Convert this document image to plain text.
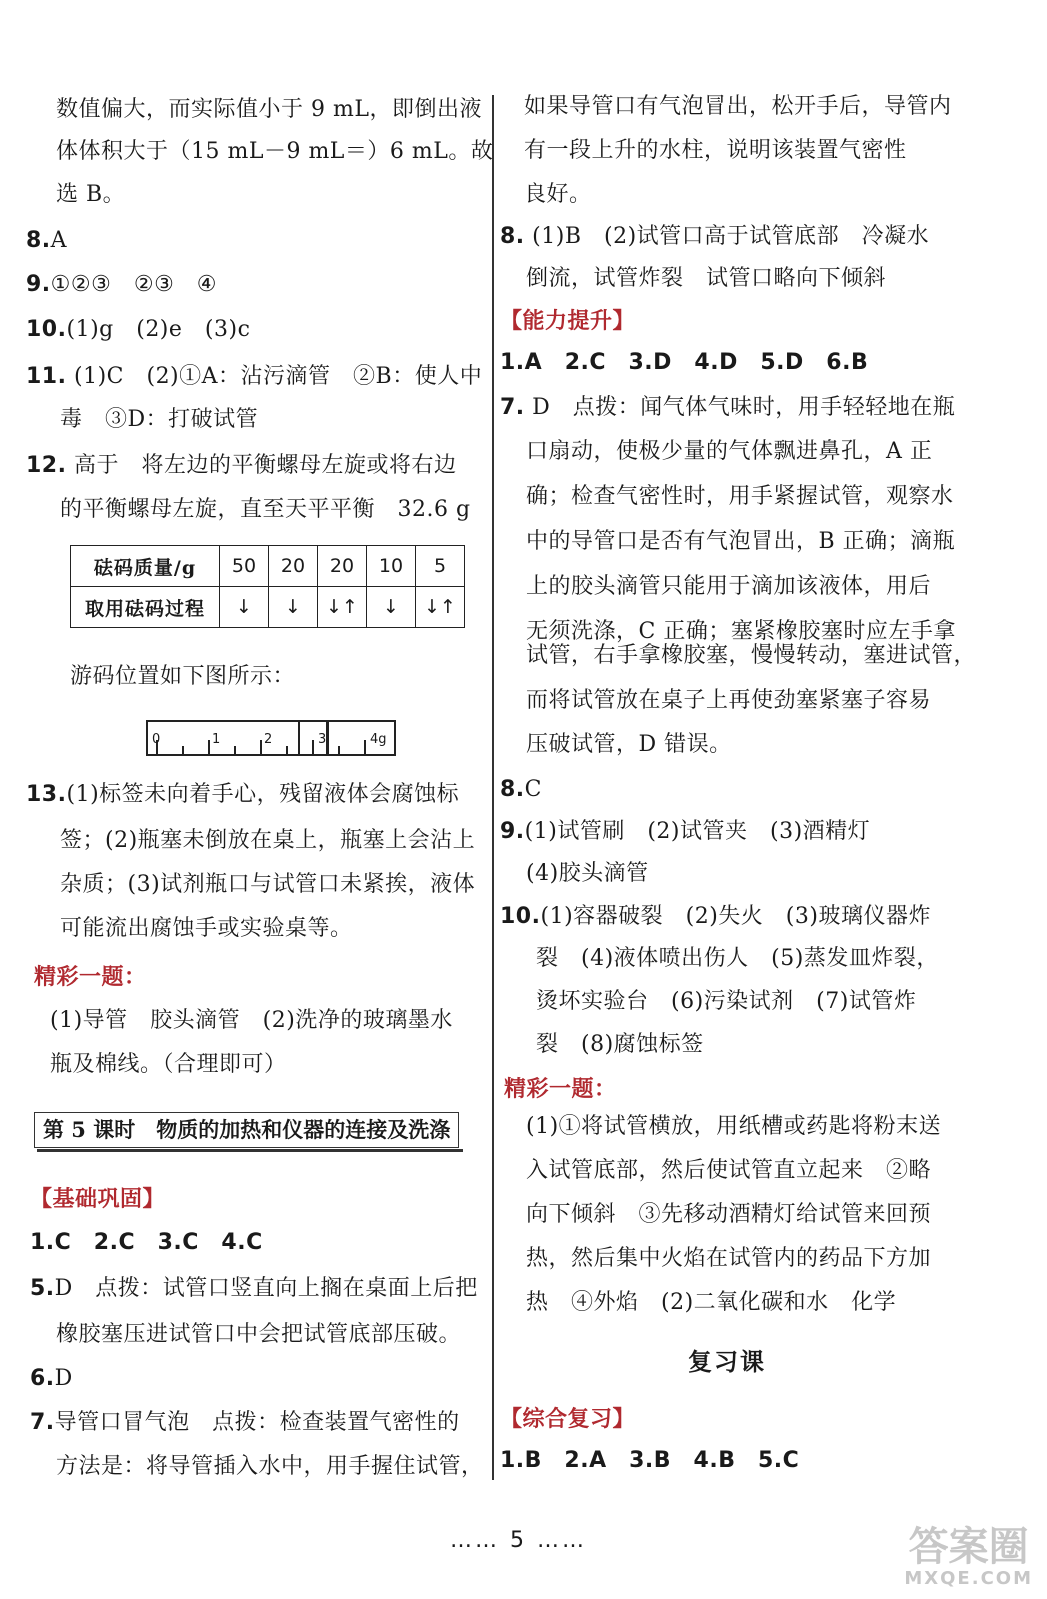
数值偏大，而实际值小于 9 mL，即倒出液
体体积大于（15 mL－9 mL＝）6 mL。故
选 B。
8.A
9.①②③　②③　④
10.(1)g　(2)e　(3)c
11. (1)C　(2)①A：沾污滴管　②B：使人中
毒　③D：打破试管
12. 高于　将左边的平衡螺母左旋或将右边
的平衡螺母左旋，直至天平平衡　32.6 g
砝码质量/g	50	20	20	10	5
取用砝码过程	↓	↓	↓↑	↓	↓↑
游码位置如下图所示：
0	1	2	3	4g
13.(1)标签未向着手心，残留液体会腐蚀标
签；(2)瓶塞未倒放在桌上，瓶塞上会沾上
杂质；(3)试剂瓶口与试管口未紧挨，液体
可能流出腐蚀手或实验桌等。
精彩一题：
(1)导管　胶头滴管　(2)洗净的玻璃墨水
瓶及棉线。（合理即可）
第 5 课时　物质的加热和仪器的连接及洗涤
【基础巩固】
1.C　2.C　3.C　4.C
5.D　点拨：试管口竖直向上搁在桌面上后把
橡胶塞压进试管口中会把试管底部压破。
6.D
7.导管口冒气泡　点拨：检查装置气密性的
方法是：将导管插入水中，用手握住试管，
如果导管口有气泡冒出，松开手后，导管内
有一段上升的水柱，说明该装置气密性
良好。
8. (1)B　(2)试管口高于试管底部　冷凝水
倒流，试管炸裂　试管口略向下倾斜
【能力提升】
1.A　2.C　3.D　4.D　5.D　6.B
7. D　点拨：闻气体气味时，用手轻轻地在瓶
口扇动，使极少量的气体飘进鼻孔，A 正
确；检查气密性时，用手紧握试管，观察水
中的导管口是否有气泡冒出，B 正确；滴瓶
上的胶头滴管只能用于滴加该液体，用后
无须洗涤，C 正确；塞紧橡胶塞时应左手拿
试管，右手拿橡胶塞，慢慢转动，塞进试管，
而将试管放在桌子上再使劲塞紧塞子容易
压破试管，D 错误。
8.C
9.(1)试管刷　(2)试管夹　(3)酒精灯
(4)胶头滴管
10.(1)容器破裂　(2)失火　(3)玻璃仪器炸
裂　(4)液体喷出伤人　(5)蒸发皿炸裂，
烫坏实验台　(6)污染试剂　(7)试管炸
裂　(8)腐蚀标签
精彩一题：
(1)①将试管横放，用纸槽或药匙将粉末送
入试管底部，然后使试管直立起来　②略
向下倾斜　③先移动酒精灯给试管来回预
热，然后集中火焰在试管内的药品下方加
热　④外焰　(2)二氧化碳和水　化学
复习课
【综合复习】
1.B　2.A　3.B　4.B　5.C
…… 5 ……	答案圈
MXQE.COM
